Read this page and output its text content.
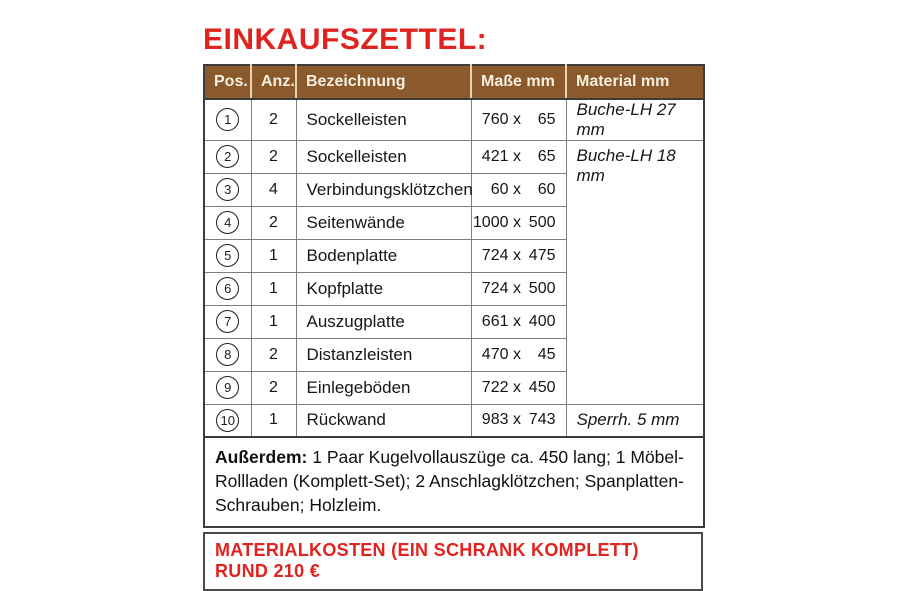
EINKAUFSZETTEL:
Pos.	Anz.	Bezeichnung	Maße mm	Material mm
1	2	Sockelleisten	760 x 65	Buche-LH 27 mm
2	2	Sockelleisten	421 x 65	Buche-LH 18 mm
3	4	Verbindungsklötzchen	60 x 60	

4	2	Seitenwände	1000 x 500	

5	1	Bodenplatte	724 x 475	

6	1	Kopfplatte	724 x 500	

7	1	Auszugplatte	661 x 400	

8	2	Distanzleisten	470 x 45	

9	2	Einlegeböden	722 x 450	

10	1	Rückwand	983 x 743	Sperrh. 5 mm
Außerdem: 1 Paar Kugelvollauszüge ca. 450 lang; 1 Möbel-Rollladen (Komplett-Set); 2 Anschlagklötzchen; Spanplatten-Schrauben; Holzleim.				
MATERIALKOSTEN (EIN SCHRANK KOMPLETT) RUND 210 €
